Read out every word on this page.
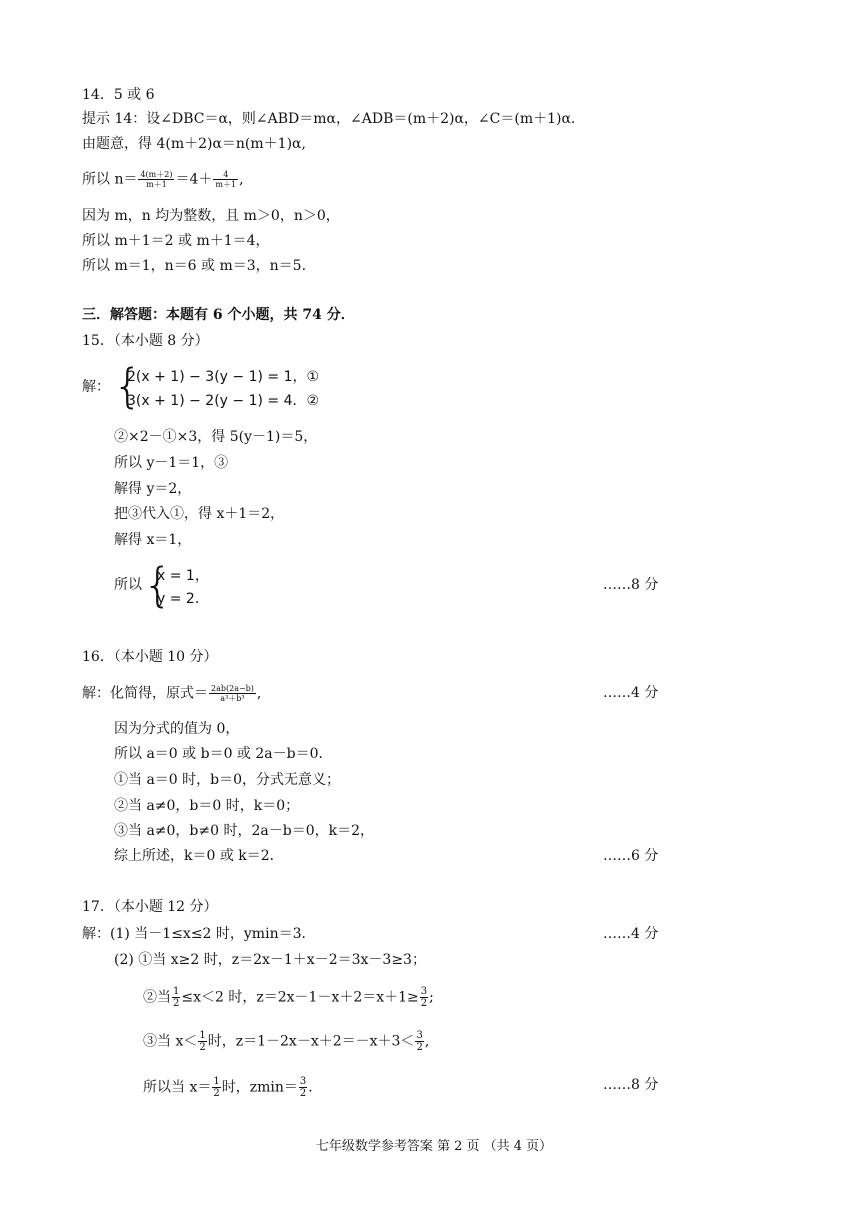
14．5 或 6
提示 14：设∠DBC＝α，则∠ABD＝mα，∠ADB＝(m＋2)α，∠C＝(m＋1)α.
由题意，得 4(m＋2)α＝n(m＋1)α,
所以 $n= \frac{4(m+2)}{m+1} =4+ \frac{4}{m+1}$ ,
因为 m，n 均为整数，且 m＞0，n＞0，
所以 m＋1＝2 或 m＋1＝4，
所以 m＝1，n＝6 或 m＝3，n＝5.
三．解答题：本题有 6 个小题，共 74 分．
15．（本小题 8 分）
解： {
2(x + 1) − 3(y − 1) = 1，①
3(x + 1) − 2(y − 1) = 4．②
②×2－①×3，得 5(y－1)＝5，
所以 y－1＝1，③
解得 y＝2，
把③代入①，得 x＋1＝2，
解得 x＝1，
所以 {
x = 1，
y = 2．
……8 分
16．（本小题 10 分）
解：化简得，原式＝ $\frac{2ab(2a-b)}{\text{a³＋b³}}$ ,	……4 分
因为分式的值为 0，
所以 a＝0 或 b＝0 或 2a－b＝0．
①当 a＝0 时，b＝0，分式无意义；
②当 a≠0，b＝0 时，k＝0；
③当 a≠0，b≠0 时，2a－b＝0，k＝2，
综上所述，k＝0 或 k＝2．	……6 分
17．（本小题 12 分）
解：(1) 当－1≤x≤2 时，ymin＝3．	……4 分
(2) ①当 x≥2 时，z＝2x－1＋x－2＝3x－3≥3；
②当 $\frac{1}{2} \le x<2$ 时，$z=2x-1-x+2=x+1\ge \frac{3}{2}$ ;
③当 $x< \frac{1}{2}$ 时，$z=1-2x-x+2=-x+3< \frac{3}{2}$ ,
所以当 $x= \frac{1}{2}$ 时，$zmin= \frac{3}{2}$ .	……8 分
七年级数学参考答案 第 2 页 （共 4 页）
